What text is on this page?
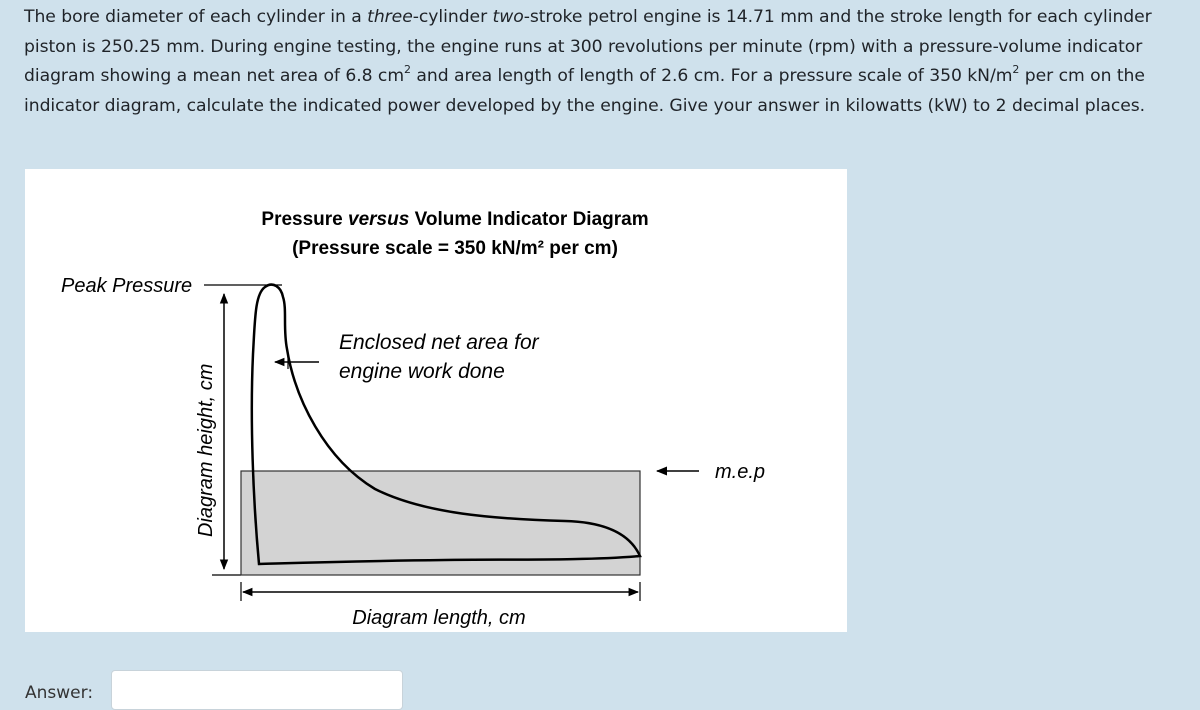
The bore diameter of each cylinder in a three-cylinder two-stroke petrol engine is 14.71 mm and the stroke length for each cylinder piston is 250.25 mm. During engine testing, the engine runs at 300 revolutions per minute (rpm) with a pressure-volume indicator diagram showing a mean net area of 6.8 $cm^2$ and area length of length of 2.6 cm. For a pressure scale of 350 $kN/m^2$ per cm on the indicator diagram, calculate the indicated power developed by the engine. Give your answer in kilowatts (kW) to 2 decimal places.
Pressure versus Volume Indicator Diagram
(Pressure scale = 350 kN/m² per cm)
Peak Pressure
Diagram height, cm
Enclosed net area for
engine work done
m.e.p
Diagram length, cm
Answer:
